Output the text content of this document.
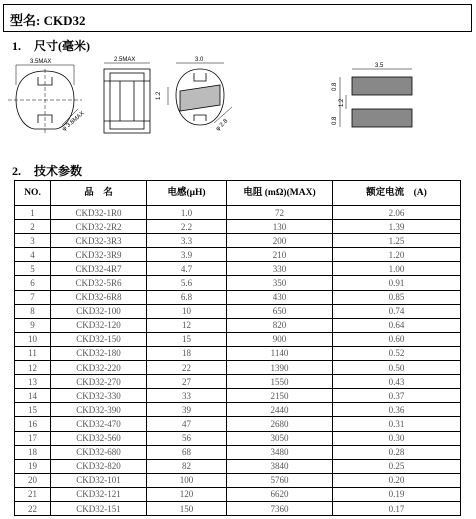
型名: CKD32
1. 尺寸(毫米)
3.5MAX
φ 3.8MAX
2.5MAX	3.0
1.2
φ 2.8
3.5
0.8
1.2
0.8
2. 技术参数
NO.	品　名	电感(μH)	电阻 (mΩ)(MAX)	额定电流　(A)
1	CKD32-1R0	1.0	72	2.06
2	CKD32-2R2	2.2	130	1.39
3	CKD32-3R3	3.3	200	1.25
4	CKD32-3R9	3.9	210	1.20
5	CKD32-4R7	4.7	330	1.00
6	CKD32-5R6	5.6	350	0.91
7	CKD32-6R8	6.8	430	0.85
8	CKD32-100	10	650	0.74
9	CKD32-120	12	820	0.64
10	CKD32-150	15	900	0.60
11	CKD32-180	18	1140	0.52
12	CKD32-220	22	1390	0.50
13	CKD32-270	27	1550	0.43
14	CKD32-330	33	2150	0.37
15	CKD32-390	39	2440	0.36
16	CKD32-470	47	2680	0.31
17	CKD32-560	56	3050	0.30
18	CKD32-680	68	3480	0.28
19	CKD32-820	82	3840	0.25
20	CKD32-101	100	5760	0.20
21	CKD32-121	120	6620	0.19
22	CKD32-151	150	7360	0.17
